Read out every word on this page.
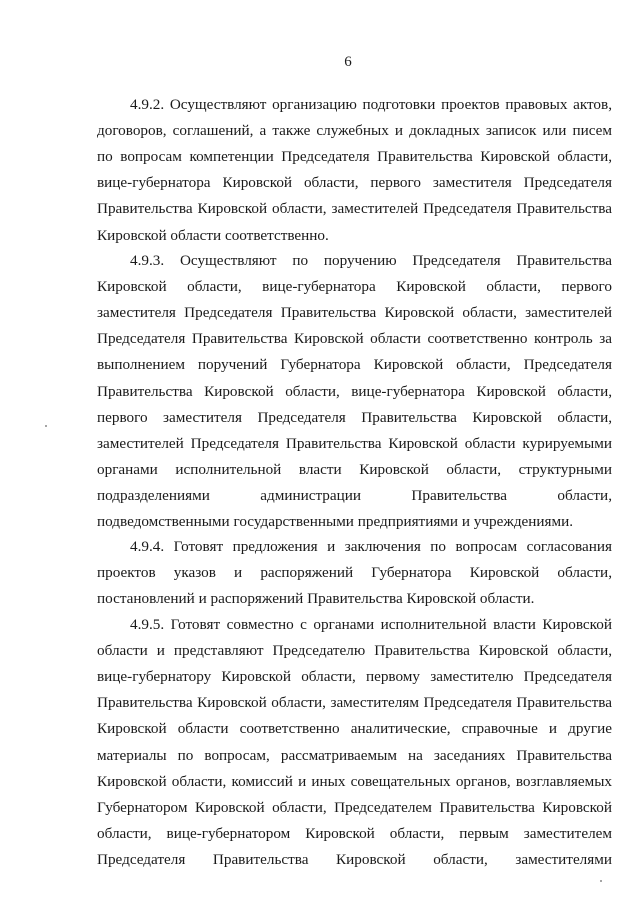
6
4.9.2. Осуществляют организацию подготовки проектов правовых актов,
договоров, соглашений, а также служебных и докладных записок или писем
по вопросам компетенции Председателя Правительства Кировской области,
вице-губернатора Кировской области, первого заместителя Председателя
Правительства Кировской области, заместителей Председателя Правительства
Кировской области соответственно.
4.9.3. Осуществляют по поручению Председателя Правительства
Кировской области, вице-губернатора Кировской области, первого
заместителя Председателя Правительства Кировской области, заместителей
Председателя Правительства Кировской области соответственно контроль за
выполнением поручений Губернатора Кировской области, Председателя
Правительства Кировской области, вице-губернатора Кировской области,
первого заместителя Председателя Правительства Кировской области,
заместителей Председателя Правительства Кировской области курируемыми
органами исполнительной власти Кировской области, структурными
подразделениями администрации Правительства области,
подведомственными государственными предприятиями и учреждениями.
4.9.4. Готовят предложения и заключения по вопросам согласования
проектов указов и распоряжений Губернатора Кировской области,
постановлений и распоряжений Правительства Кировской области.
4.9.5. Готовят совместно с органами исполнительной власти Кировской
области и представляют Председателю Правительства Кировской области,
вице-губернатору Кировской области, первому заместителю Председателя
Правительства Кировской области, заместителям Председателя Правительства
Кировской области соответственно аналитические, справочные и другие
материалы по вопросам, рассматриваемым на заседаниях Правительства
Кировской области, комиссий и иных совещательных органов, возглавляемых
Губернатором Кировской области, Председателем Правительства Кировской
области, вице-губернатором Кировской области, первым заместителем
Председателя Правительства Кировской области, заместителями
